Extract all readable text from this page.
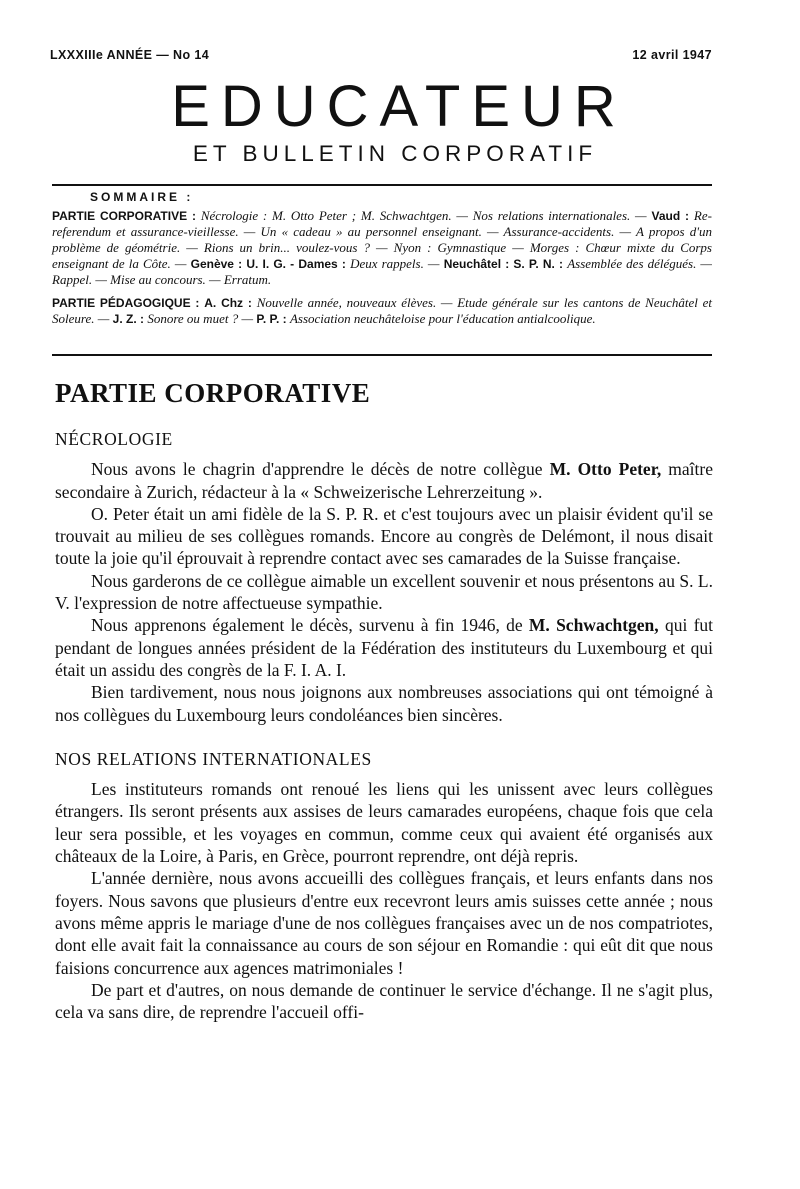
LXXXIIIe ANNÉE — No 14	12 avril 1947
EDUCATEUR
ET BULLETIN CORPORATIF
SOMMAIRE :

PARTIE CORPORATIVE : Nécrologie : M. Otto Peter ; M. Schwachtgen. — Nos relations internationales. — Vaud : Re-referendum et assurance-vieillesse. — Un « cadeau » au personnel enseignant. — Assurance-accidents. — A propos d'un problème de géométrie. — Rions un brin... voulez-vous ? — Nyon : Gymnastique — Morges : Chœur mixte du Corps enseignant de la Côte. — Genève : U. I. G. - Dames : Deux rappels. — Neuchâtel : S. P. N. : Assemblée des délégués. — Rappel. — Mise au concours. — Erratum.

PARTIE PÉDAGOGIQUE : A. Chz : Nouvelle année, nouveaux élèves. — Etude générale sur les cantons de Neuchâtel et Soleure. — J. Z. : Sonore ou muet ? — P. P. : Association neuchâteloise pour l'éducation antialcoolique.

PARTIE CORPORATIVE

NÉCROLOGIE

Nous avons le chagrin d'apprendre le décès de notre collègue M. Otto Peter, maître secondaire à Zurich, rédacteur à la « Schweizerische Lehrerzeitung ».

O. Peter était un ami fidèle de la S. P. R. et c'est toujours avec un plaisir évident qu'il se trouvait au milieu de ses collègues romands. Encore au congrès de Delémont, il nous disait toute la joie qu'il éprouvait à reprendre contact avec ses camarades de la Suisse française.

Nous garderons de ce collègue aimable un excellent souvenir et nous présentons au S. L. V. l'expression de notre affectueuse sympathie.

Nous apprenons également le décès, survenu à fin 1946, de M. Schwachtgen, qui fut pendant de longues années président de la Fédération des instituteurs du Luxembourg et qui était un assidu des congrès de la F. I. A. I.

Bien tardivement, nous nous joignons aux nombreuses associations qui ont témoigné à nos collègues du Luxembourg leurs condoléances bien sincères.

NOS RELATIONS INTERNATIONALES

Les instituteurs romands ont renoué les liens qui les unissent avec leurs collègues étrangers. Ils seront présents aux assises de leurs camarades européens, chaque fois que cela leur sera possible, et les voyages en commun, comme ceux qui avaient été organisés aux châteaux de la Loire, à Paris, en Grèce, pourront reprendre, ont déjà repris.

L'année dernière, nous avons accueilli des collègues français, et leurs enfants dans nos foyers. Nous savons que plusieurs d'entre eux recevront leurs amis suisses cette année ; nous avons même appris le mariage d'une de nos collègues françaises avec un de nos compatriotes, dont elle avait fait la connaissance au cours de son séjour en Romandie : qui eût dit que nous faisions concurrence aux agences matrimoniales !

De part et d'autres, on nous demande de continuer le service d'échange. Il ne s'agit plus, cela va sans dire, de reprendre l'accueil offi-
